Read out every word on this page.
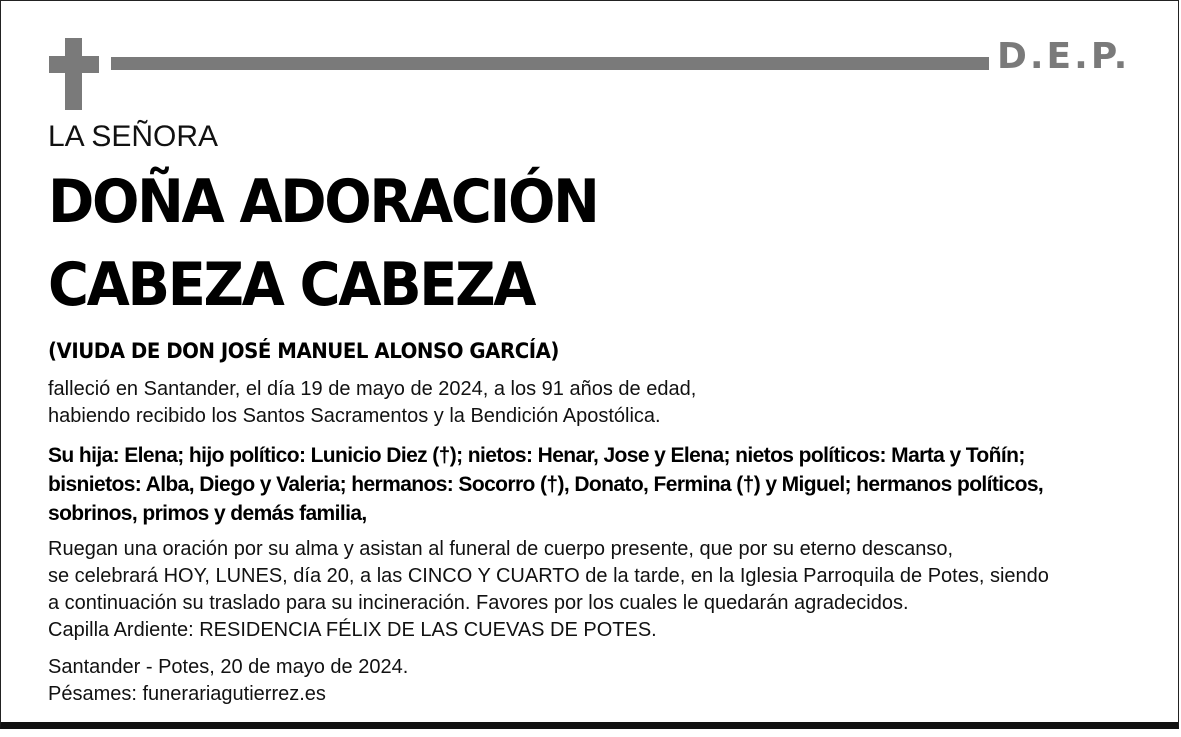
D.E.P.
LA SEÑORA
DOÑA ADORACIÓN
CABEZA CABEZA
(VIUDA DE DON JOSÉ MANUEL ALONSO GARCÍA)
falleció en Santander, el día 19 de mayo de 2024, a los 91 años de edad,
habiendo recibido los Santos Sacramentos y la Bendición Apostólica.
Su hija: Elena; hijo político: Lunicio Diez (†); nietos: Henar, Jose y Elena; nietos políticos: Marta y Toñín;
bisnietos: Alba, Diego y Valeria; hermanos: Socorro (†), Donato, Fermina (†) y Miguel; hermanos políticos,
sobrinos, primos y demás familia,
Ruegan una oración por su alma y asistan al funeral de cuerpo presente, que por su eterno descanso,
se celebrará HOY, LUNES, día 20, a las CINCO Y CUARTO de la tarde, en la Iglesia Parroquila de Potes, siendo
a continuación su traslado para su incineración. Favores por los cuales le quedarán agradecidos.
Capilla Ardiente: RESIDENCIA FÉLIX DE LAS CUEVAS DE POTES.
Santander - Potes, 20 de mayo de 2024.
Pésames: funerariagutierrez.es
